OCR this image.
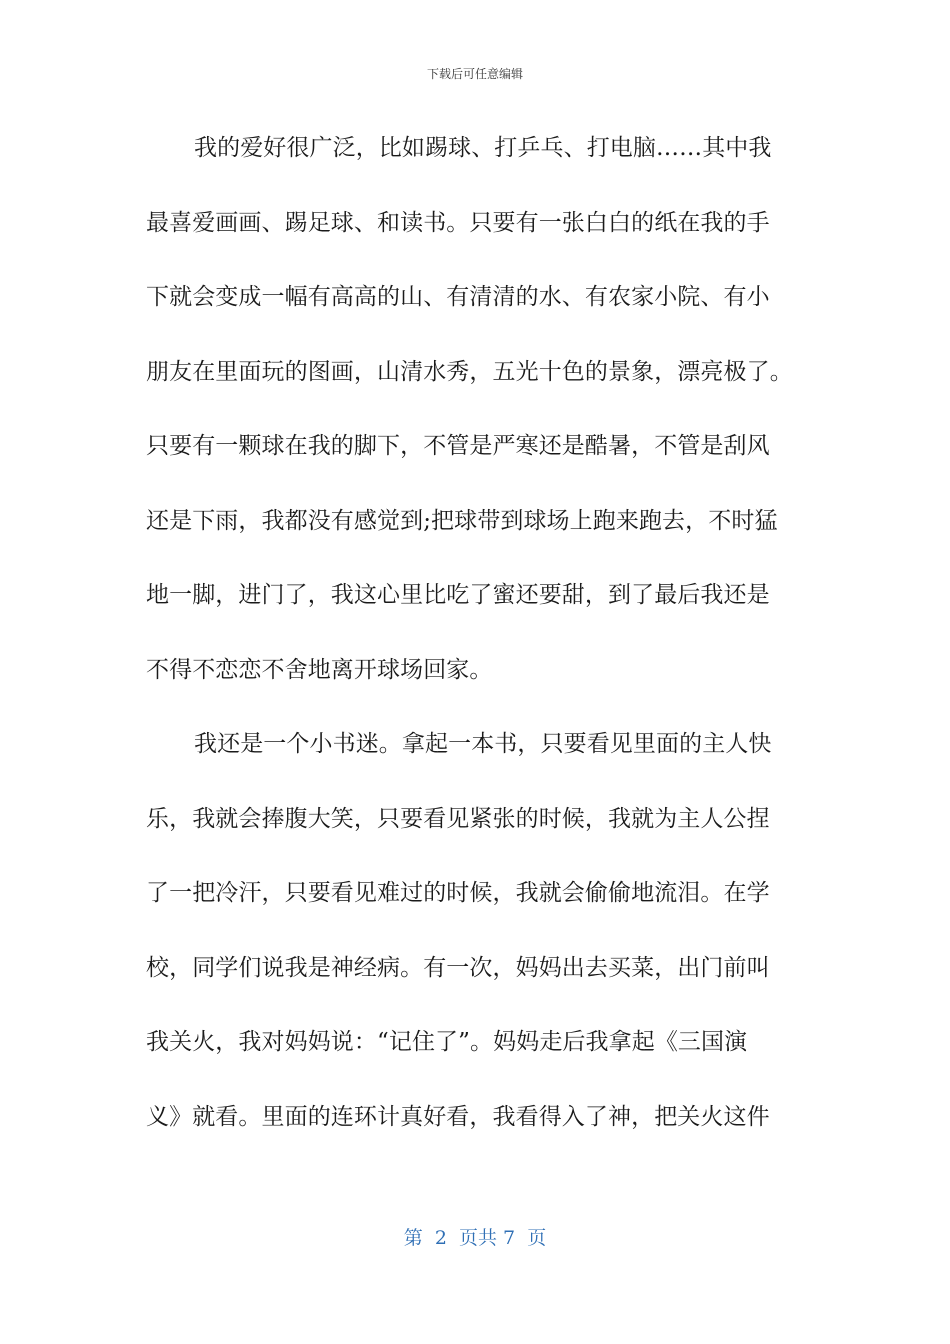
下载后可任意编辑
我的爱好很广泛，比如踢球、打乒乓、打电脑……其中我
最喜爱画画、踢足球、和读书。只要有一张白白的纸在我的手
下就会变成一幅有高高的山、有清清的水、有农家小院、有小
朋友在里面玩的图画，山清水秀，五光十色的景象，漂亮极了。
只要有一颗球在我的脚下，不管是严寒还是酷暑，不管是刮风
还是下雨，我都没有感觉到;把球带到球场上跑来跑去，不时猛
地一脚，进门了，我这心里比吃了蜜还要甜，到了最后我还是
不得不恋恋不舍地离开球场回家。
我还是一个小书迷。拿起一本书，只要看见里面的主人快
乐，我就会捧腹大笑，只要看见紧张的时候，我就为主人公捏
了一把冷汗，只要看见难过的时候，我就会偷偷地流泪。在学
校，同学们说我是神经病。有一次，妈妈出去买菜，出门前叫
我关火，我对妈妈说：“记住了”。妈妈走后我拿起《三国演
义》就看。里面的连环计真好看，我看得入了神，把关火这件
第  2  页共 7  页
